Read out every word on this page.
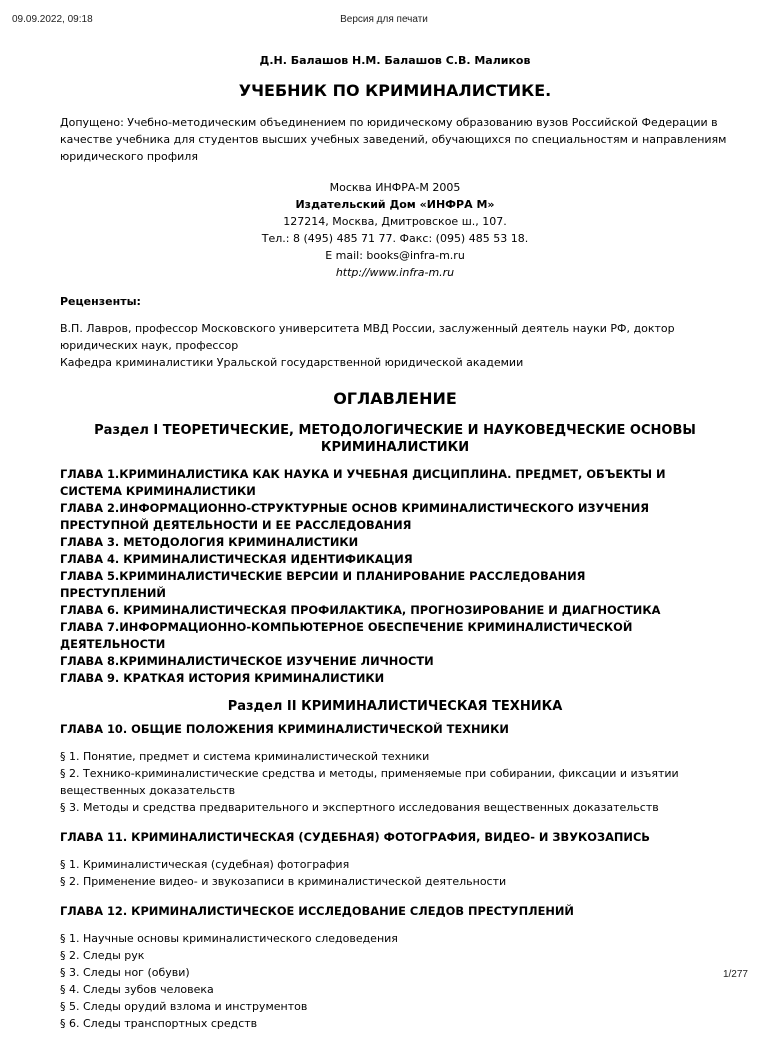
09.09.2022, 09:18	Версия для печати
Д.Н. Балашов Н.М. Балашов С.В. Маликов
УЧЕБНИК ПО КРИМИНАЛИСТИКЕ.
Допущено: Учебно-методическим объединением по юридическому образованию вузов Российской Федерации в
качестве учебника для студентов высших учебных заведений, обучающихся по специальностям и направлениям
юридического профиля
Москва ИНФРА-М 2005
Издательский Дом «ИНФРА М»
127214, Москва, Дмитровское ш., 107.
Тел.: 8 (495) 485 71 77. Факс: (095) 485 53 18.
E mail: books@infra-m.ru
http://www.infra-m.ru
Рецензенты:

В.П. Лавров, профессор Московского университета МВД России, заслуженный деятель науки РФ, доктор

юридических наук, профессор

Кафедра криминалистики Уральской государственной юридической академии

ОГЛАВЛЕНИЕ
Раздел I ТЕОРЕТИЧЕСКИЕ, МЕТОДОЛОГИЧЕСКИЕ И НАУКОВЕДЧЕСКИЕ ОСНОВЫ
КРИМИНАЛИСТИКИ
ГЛАВА 1.КРИМИНАЛИСТИКА КАК НАУКА И УЧЕБНАЯ ДИСЦИПЛИНА. ПРЕДМЕТ, ОБЪЕКТЫ И
СИСТЕМА КРИМИНАЛИСТИКИ
ГЛАВА 2.ИНФОРМАЦИОННО-СТРУКТУРНЫЕ ОСНОВ КРИМИНАЛИСТИЧЕСКОГО ИЗУЧЕНИЯ
ПРЕСТУПНОЙ ДЕЯТЕЛЬНОСТИ И ЕЕ РАССЛЕДОВАНИЯ
ГЛАВА 3. МЕТОДОЛОГИЯ КРИМИНАЛИСТИКИ
ГЛАВА 4. КРИМИНАЛИСТИЧЕСКАЯ ИДЕНТИФИКАЦИЯ
ГЛАВА 5.КРИМИНАЛИСТИЧЕСКИЕ ВЕРСИИ И ПЛАНИРОВАНИЕ РАССЛЕДОВАНИЯ
ПРЕСТУПЛЕНИЙ
ГЛАВА 6. КРИМИНАЛИСТИЧЕСКАЯ ПРОФИЛАКТИКА, ПРОГНОЗИРОВАНИЕ И ДИАГНОСТИКА
ГЛАВА 7.ИНФОРМАЦИОННО-КОМПЬЮТЕРНОЕ ОБЕСПЕЧЕНИЕ КРИМИНАЛИСТИЧЕСКОЙ
ДЕЯТЕЛЬНОСТИ
ГЛАВА 8.КРИМИНАЛИСТИЧЕСКОЕ ИЗУЧЕНИЕ ЛИЧНОСТИ
ГЛАВА 9. КРАТКАЯ ИСТОРИЯ КРИМИНАЛИСТИКИ
Раздел II КРИМИНАЛИСТИЧЕСКАЯ ТЕХНИКА
ГЛАВА 10. ОБЩИЕ ПОЛОЖЕНИЯ КРИМИНАЛИСТИЧЕСКОЙ ТЕХНИКИ
§ 1. Понятие, предмет и система криминалистической техники
§ 2. Технико-криминалистические средства и методы, применяемые при собирании, фиксации и изъятии
вещественных доказательств
§ 3. Методы и средства предварительного и экспертного исследования вещественных доказательств
ГЛАВА 11. КРИМИНАЛИСТИЧЕСКАЯ (СУДЕБНАЯ) ФОТОГРАФИЯ, ВИДЕО- И ЗВУКОЗАПИСЬ
§ 1. Криминалистическая (судебная) фотография
§ 2. Применение видео- и звукозаписи в криминалистической деятельности
ГЛАВА 12. КРИМИНАЛИСТИЧЕСКОЕ ИССЛЕДОВАНИЕ СЛЕДОВ ПРЕСТУПЛЕНИЙ
§ 1. Научные основы криминалистического следоведения
§ 2. Следы рук
§ 3. Следы ног (обуви)
§ 4. Следы зубов человека
§ 5. Следы орудий взлома и инструментов
§ 6. Следы транспортных средств
1/277
